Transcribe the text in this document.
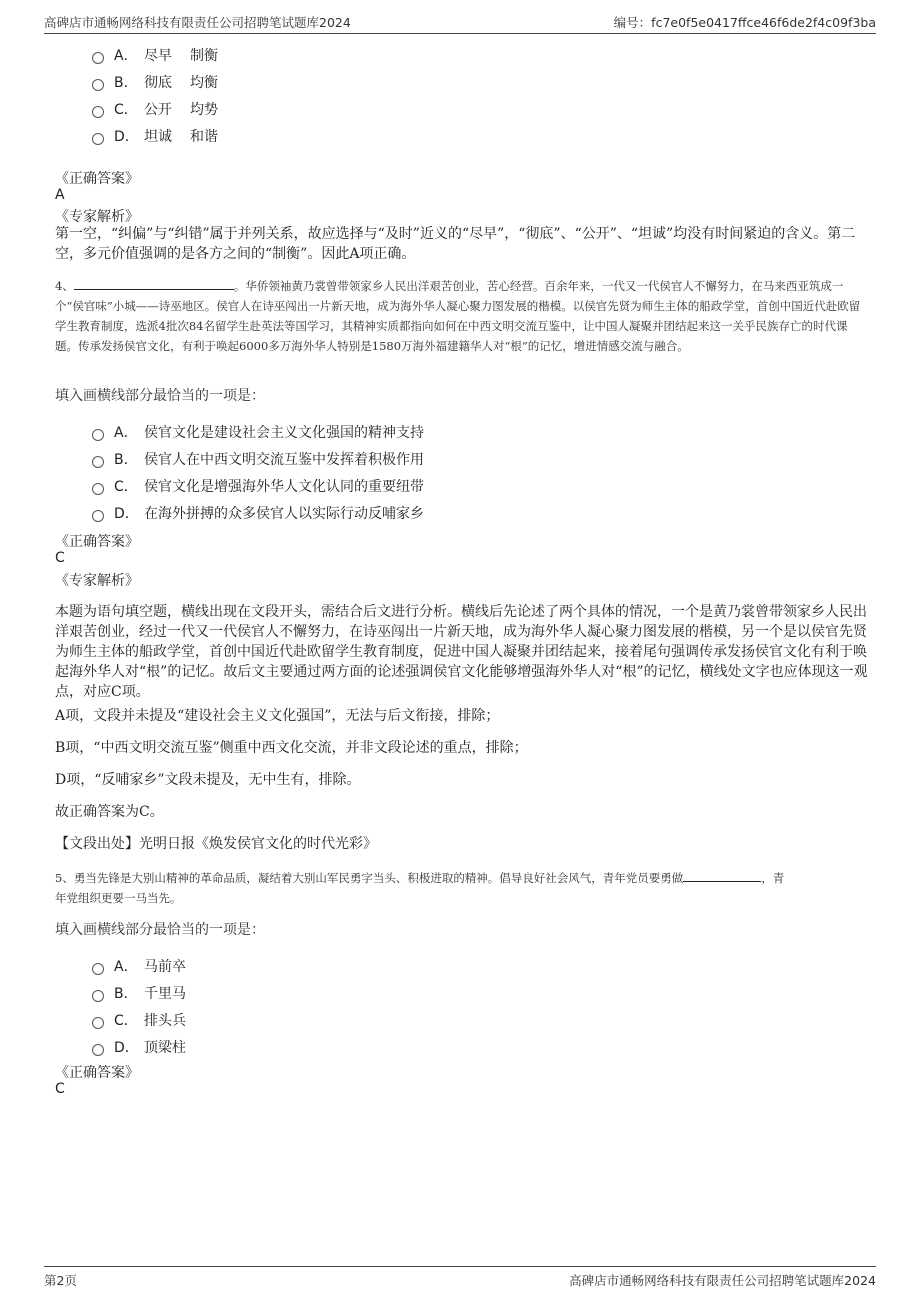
高碑店市通畅网络科技有限责任公司招聘笔试题库2024	编号：fc7e0f5e0417ffce46f6de2f4c09f3ba
A． 尽早	制衡
B． 彻底	均衡
C． 公开	均势
D． 坦诚	和谐
《正确答案》
A
《专家解析》
第一空，“纠偏”与“纠错”属于并列关系，故应选择与“及时”近义的“尽早”，“彻底”、“公开”、“坦诚”均没有时间紧迫的含义。第二空，多元价值强调的是各方之间的“制衡”。因此A项正确。
4、	。华侨领袖黄乃裳曾带领家乡人民出洋艰苦创业，苦心经营。百余年来，一代又一代侯官人不懈努力，在马来西亚筑成一个“侯官味”小城——诗巫地区。侯官人在诗巫闯出一片新天地，成为海外华人凝心聚力图发展的楷模。以侯官先贤为师生主体的船政学堂，首创中国近代赴欧留学生教育制度，选派4批次84名留学生赴英法等国学习，其精神实质都指向如何在中西文明交流互鉴中，让中国人凝聚并团结起来这一关乎民族存亡的时代课题。传承发扬侯官文化，有利于唤起6000多万海外华人特别是1580万海外福建籍华人对“根”的记忆，增进情感交流与融合。
填入画横线部分最恰当的一项是：
A． 侯官文化是建设社会主义文化强国的精神支持
B． 侯官人在中西文明交流互鉴中发挥着积极作用
C． 侯官文化是增强海外华人文化认同的重要纽带
D． 在海外拼搏的众多侯官人以实际行动反哺家乡
《正确答案》
C
《专家解析》
本题为语句填空题，横线出现在文段开头，需结合后文进行分析。横线后先论述了两个具体的情况，一个是黄乃裳曾带领家乡人民出洋艰苦创业，经过一代又一代侯官人不懈努力，在诗巫闯出一片新天地，成为海外华人凝心聚力图发展的楷模，另一个是以侯官先贤为师生主体的船政学堂，首创中国近代赴欧留学生教育制度，促进中国人凝聚并团结起来，接着尾句强调传承发扬侯官文化有利于唤起海外华人对“根”的记忆。故后文主要通过两方面的论述强调侯官文化能够增强海外华人对“根”的记忆，横线处文字也应体现这一观点，对应C项。
A项，文段并未提及“建设社会主义文化强国”，无法与后文衔接，排除；
B项，“中西文明交流互鉴”侧重中西文化交流，并非文段论述的重点，排除；
D项，“反哺家乡”文段未提及，无中生有，排除。
故正确答案为C。
【文段出处】光明日报《焕发侯官文化的时代光彩》
5、勇当先锋是大别山精神的革命品质，凝结着大别山军民勇字当头、积极进取的精神。倡导良好社会风气，青年党员要勇做	，青
年党组织更要一马当先。
填入画横线部分最恰当的一项是：
A． 马前卒
B． 千里马
C． 排头兵
D． 顶梁柱
《正确答案》
C
第2页	高碑店市通畅网络科技有限责任公司招聘笔试题库2024
